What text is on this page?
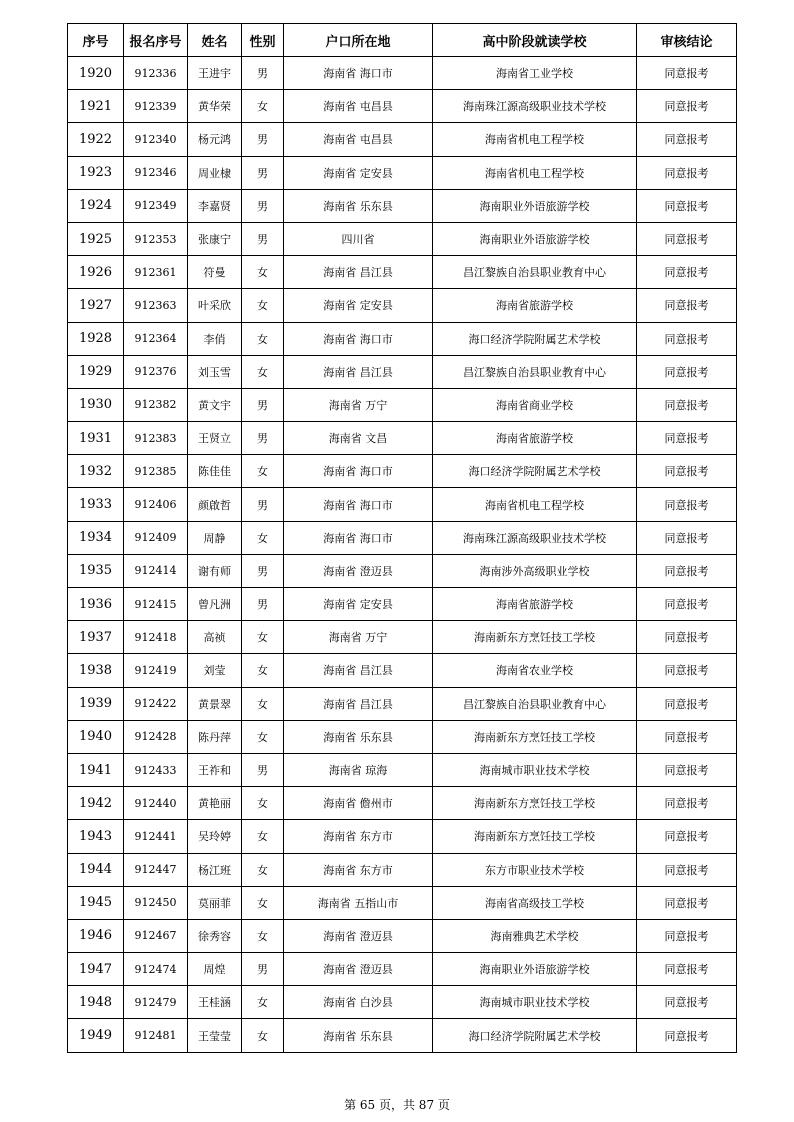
序号	报名序号	姓名	性别	户口所在地	高中阶段就读学校	审核结论
1920	912336	王进宇	男	海南省 海口市	海南省工业学校	同意报考
1921	912339	黄华荣	女	海南省 屯昌县	海南珠江源高级职业技术学校	同意报考
1922	912340	杨元鸿	男	海南省 屯昌县	海南省机电工程学校	同意报考
1923	912346	周业棣	男	海南省 定安县	海南省机电工程学校	同意报考
1924	912349	李嘉贤	男	海南省 乐东县	海南职业外语旅游学校	同意报考
1925	912353	张康宁	男	四川省	海南职业外语旅游学校	同意报考
1926	912361	符曼	女	海南省 昌江县	昌江黎族自治县职业教育中心	同意报考
1927	912363	叶采欣	女	海南省 定安县	海南省旅游学校	同意报考
1928	912364	李俏	女	海南省 海口市	海口经济学院附属艺术学校	同意报考
1929	912376	刘玉雪	女	海南省 昌江县	昌江黎族自治县职业教育中心	同意报考
1930	912382	黄文宇	男	海南省 万宁	海南省商业学校	同意报考
1931	912383	王贤立	男	海南省 文昌	海南省旅游学校	同意报考
1932	912385	陈佳佳	女	海南省 海口市	海口经济学院附属艺术学校	同意报考
1933	912406	颜啟哲	男	海南省 海口市	海南省机电工程学校	同意报考
1934	912409	周静	女	海南省 海口市	海南珠江源高级职业技术学校	同意报考
1935	912414	谢有师	男	海南省 澄迈县	海南涉外高级职业学校	同意报考
1936	912415	曾凡洲	男	海南省 定安县	海南省旅游学校	同意报考
1937	912418	高祯	女	海南省 万宁	海南新东方烹饪技工学校	同意报考
1938	912419	刘莹	女	海南省 昌江县	海南省农业学校	同意报考
1939	912422	黄景翠	女	海南省 昌江县	昌江黎族自治县职业教育中心	同意报考
1940	912428	陈丹萍	女	海南省 乐东县	海南新东方烹饪技工学校	同意报考
1941	912433	王祚和	男	海南省 琼海	海南城市职业技术学校	同意报考
1942	912440	黄艳丽	女	海南省 儋州市	海南新东方烹饪技工学校	同意报考
1943	912441	吴玲婷	女	海南省 东方市	海南新东方烹饪技工学校	同意报考
1944	912447	杨江班	女	海南省 东方市	东方市职业技术学校	同意报考
1945	912450	莫丽菲	女	海南省 五指山市	海南省高级技工学校	同意报考
1946	912467	徐秀容	女	海南省 澄迈县	海南雅典艺术学校	同意报考
1947	912474	周煌	男	海南省 澄迈县	海南职业外语旅游学校	同意报考
1948	912479	王桂涵	女	海南省 白沙县	海南城市职业技术学校	同意报考
1949	912481	王莹莹	女	海南省 乐东县	海口经济学院附属艺术学校	同意报考
第 65 页，共 87 页
